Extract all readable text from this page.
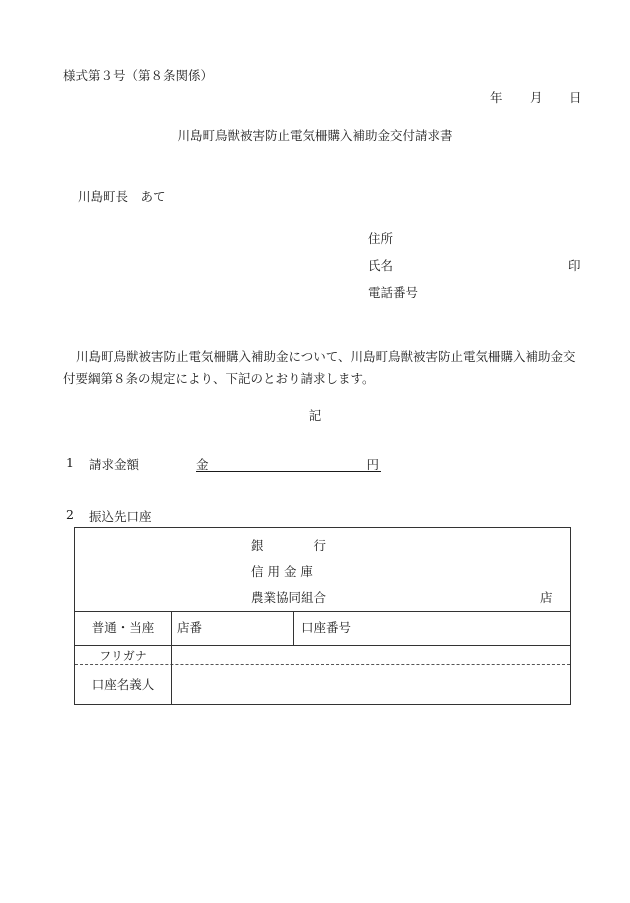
様式第３号（第８条関係）
年 月 日
川島町鳥獣被害防止電気柵購入補助金交付請求書
川島町長　あて
住所
氏名	印
電話番号
川島町鳥獣被害防止電気柵購入補助金について、川島町鳥獣被害防止電気柵購入補助金交付要綱第８条の規定により、下記のとおり請求します。
記
1 請求金額	金	円
2 振込先口座
銀　　　　行
信 用 金 庫
農業協同組合	店
普通・当座	店番	口座番号
フリガナ
口座名義人
